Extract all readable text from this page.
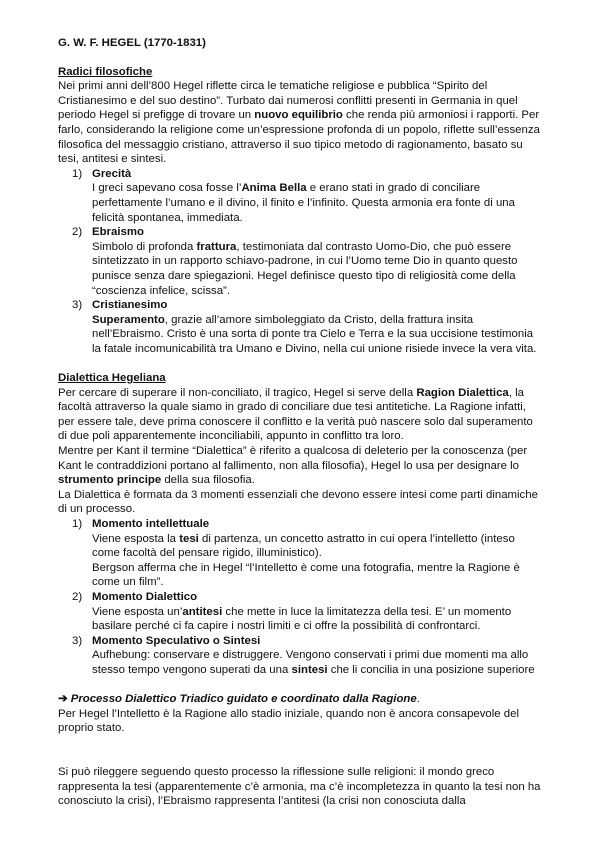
G. W. F. HEGEL (1770-1831)
Radici filosofiche

Nei primi anni dell’800 Hegel riflette circa le tematiche religiose e pubblica “Spirito del Cristianesimo e del suo destino”. Turbato dai numerosi conflitti presenti in Germania in quel periodo Hegel si prefigge di trovare un nuovo equilibrio che renda più armoniosi i rapporti. Per farlo, considerando la religione come un’espressione profonda di un popolo, riflette sull’essenza filosofica del messaggio cristiano, attraverso il suo tipico metodo di ragionamento, basato su tesi, antitesi e sintesi.

1) Grecità
I greci sapevano cosa fosse l’Anima Bella e erano stati in grado di conciliare perfettamente l’umano e il divino, il finito e l’infinito. Questa armonia era fonte di una felicità spontanea, immediata.
2) Ebraismo
Simbolo di profonda frattura, testimoniata dal contrasto Uomo-Dio, che può essere sintetizzato in un rapporto schiavo-padrone, in cui l’Uomo teme Dio in quanto questo punisce senza dare spiegazioni. Hegel definisce questo tipo di religiosità come della “coscienza infelice, scissa”.
3) Cristianesimo
Superamento, grazie all’amore simboleggiato da Cristo, della frattura insita nell’Ebraismo. Cristo è una sorta di ponte tra Cielo e Terra e la sua uccisione testimonia la fatale incomunicabilità tra Umano e Divino, nella cui unione risiede invece la vera vita.
Dialettica Hegeliana

Per cercare di superare il non-conciliato, il tragico, Hegel si serve della Ragion Dialettica, la facoltà attraverso la quale siamo in grado di conciliare due tesi antitetiche. La Ragione infatti, per essere tale, deve prima conoscere il conflitto e la verità può nascere solo dal superamento di due poli apparentemente inconciliabili, appunto in conflitto tra loro.

Mentre per Kant il termine “Dialettica” è riferito a qualcosa di deleterio per la conoscenza (per Kant le contraddizioni portano al fallimento, non alla filosofia), Hegel lo usa per designare lo strumento principe della sua filosofia.

La Dialettica è formata da 3 momenti essenziali che devono essere intesi come parti dinamiche di un processo.

1) Momento intellettuale
Viene esposta la tesi di partenza, un concetto astratto in cui opera l’intelletto (inteso come facoltà del pensare rigido, illuministico).
Bergson afferma che in Hegel “l’Intelletto è come una fotografia, mentre la Ragione è come un film”.
2) Momento Dialettico
Viene esposta un’antitesi che mette in luce la limitatezza della tesi. E’ un momento basilare perché ci fa capire i nostri limiti e ci offre la possibilità di confrontarci.
3) Momento Speculativo o Sintesi
Aufhebung: conservare e distruggere. Vengono conservati i primi due momenti ma allo stesso tempo vengono superati da una sintesi che li concilia in una posizione superiore

➔ Processo Dialettico Triadico guidato e coordinato dalla Ragione.

Per Hegel l’Intelletto è la Ragione allo stadio iniziale, quando non è ancora consapevole del proprio stato.

Si può rileggere seguendo questo processo la riflessione sulle religioni: il mondo greco rappresenta la tesi (apparentemente c’è armonia, ma c’è incompletezza in quanto la tesi non ha conosciuto la crisi), l’Ebraismo rappresenta l’antitesi (la crisi non conosciuta dalla
